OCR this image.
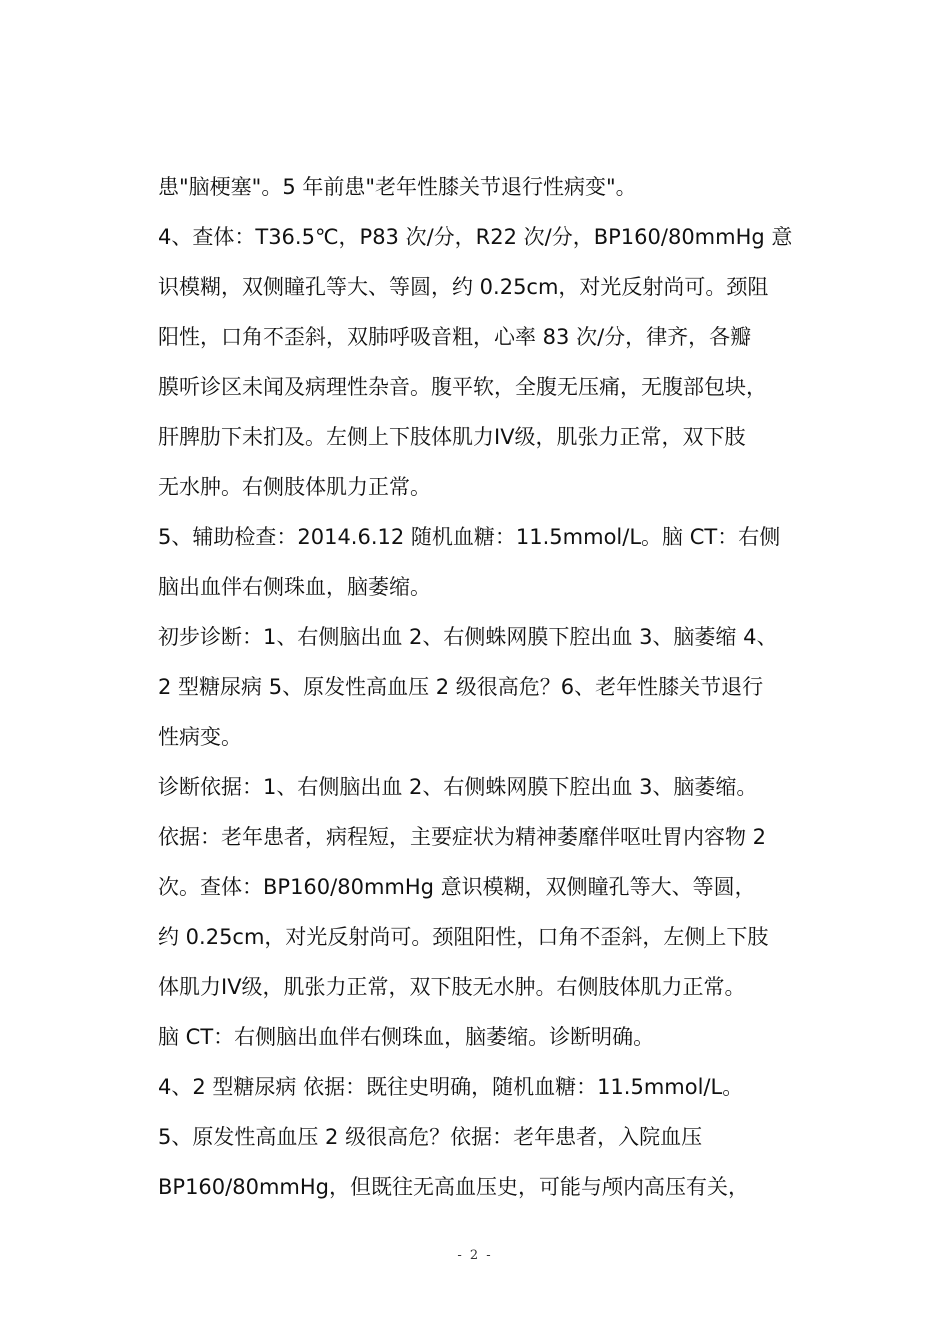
患"脑梗塞"。5 年前患"老年性膝关节退行性病变"。
4、查体：T36.5℃，P83 次/分，R22 次/分，BP160/80mmHg 意
识模糊，双侧瞳孔等大、等圆，约 0.25cm，对光反射尚可。颈阻
阳性，口角不歪斜，双肺呼吸音粗，心率 83 次/分，律齐，各瓣
膜听诊区未闻及病理性杂音。腹平软，全腹无压痛，无腹部包块，
肝脾肋下未扪及。左侧上下肢体肌力IV级，肌张力正常，双下肢
无水肿。右侧肢体肌力正常。
5、辅助检查：2014.6.12 随机血糖：11.5mmol/L。脑 CT：右侧
脑出血伴右侧珠血，脑萎缩。
初步诊断：1、右侧脑出血 2、右侧蛛网膜下腔出血 3、脑萎缩 4、
2 型糖尿病 5、原发性高血压 2 级很高危？6、老年性膝关节退行
性病变。
诊断依据：1、右侧脑出血 2、右侧蛛网膜下腔出血 3、脑萎缩。
依据：老年患者，病程短，主要症状为精神萎靡伴呕吐胃内容物 2
次。查体：BP160/80mmHg 意识模糊，双侧瞳孔等大、等圆，
约 0.25cm，对光反射尚可。颈阻阳性，口角不歪斜，左侧上下肢
体肌力IV级，肌张力正常，双下肢无水肿。右侧肢体肌力正常。
脑 CT：右侧脑出血伴右侧珠血，脑萎缩。诊断明确。
4、2 型糖尿病 依据：既往史明确，随机血糖：11.5mmol/L。
5、原发性高血压 2 级很高危？依据：老年患者，入院血压
BP160/80mmHg，但既往无高血压史，可能与颅内高压有关，
- 2 -
